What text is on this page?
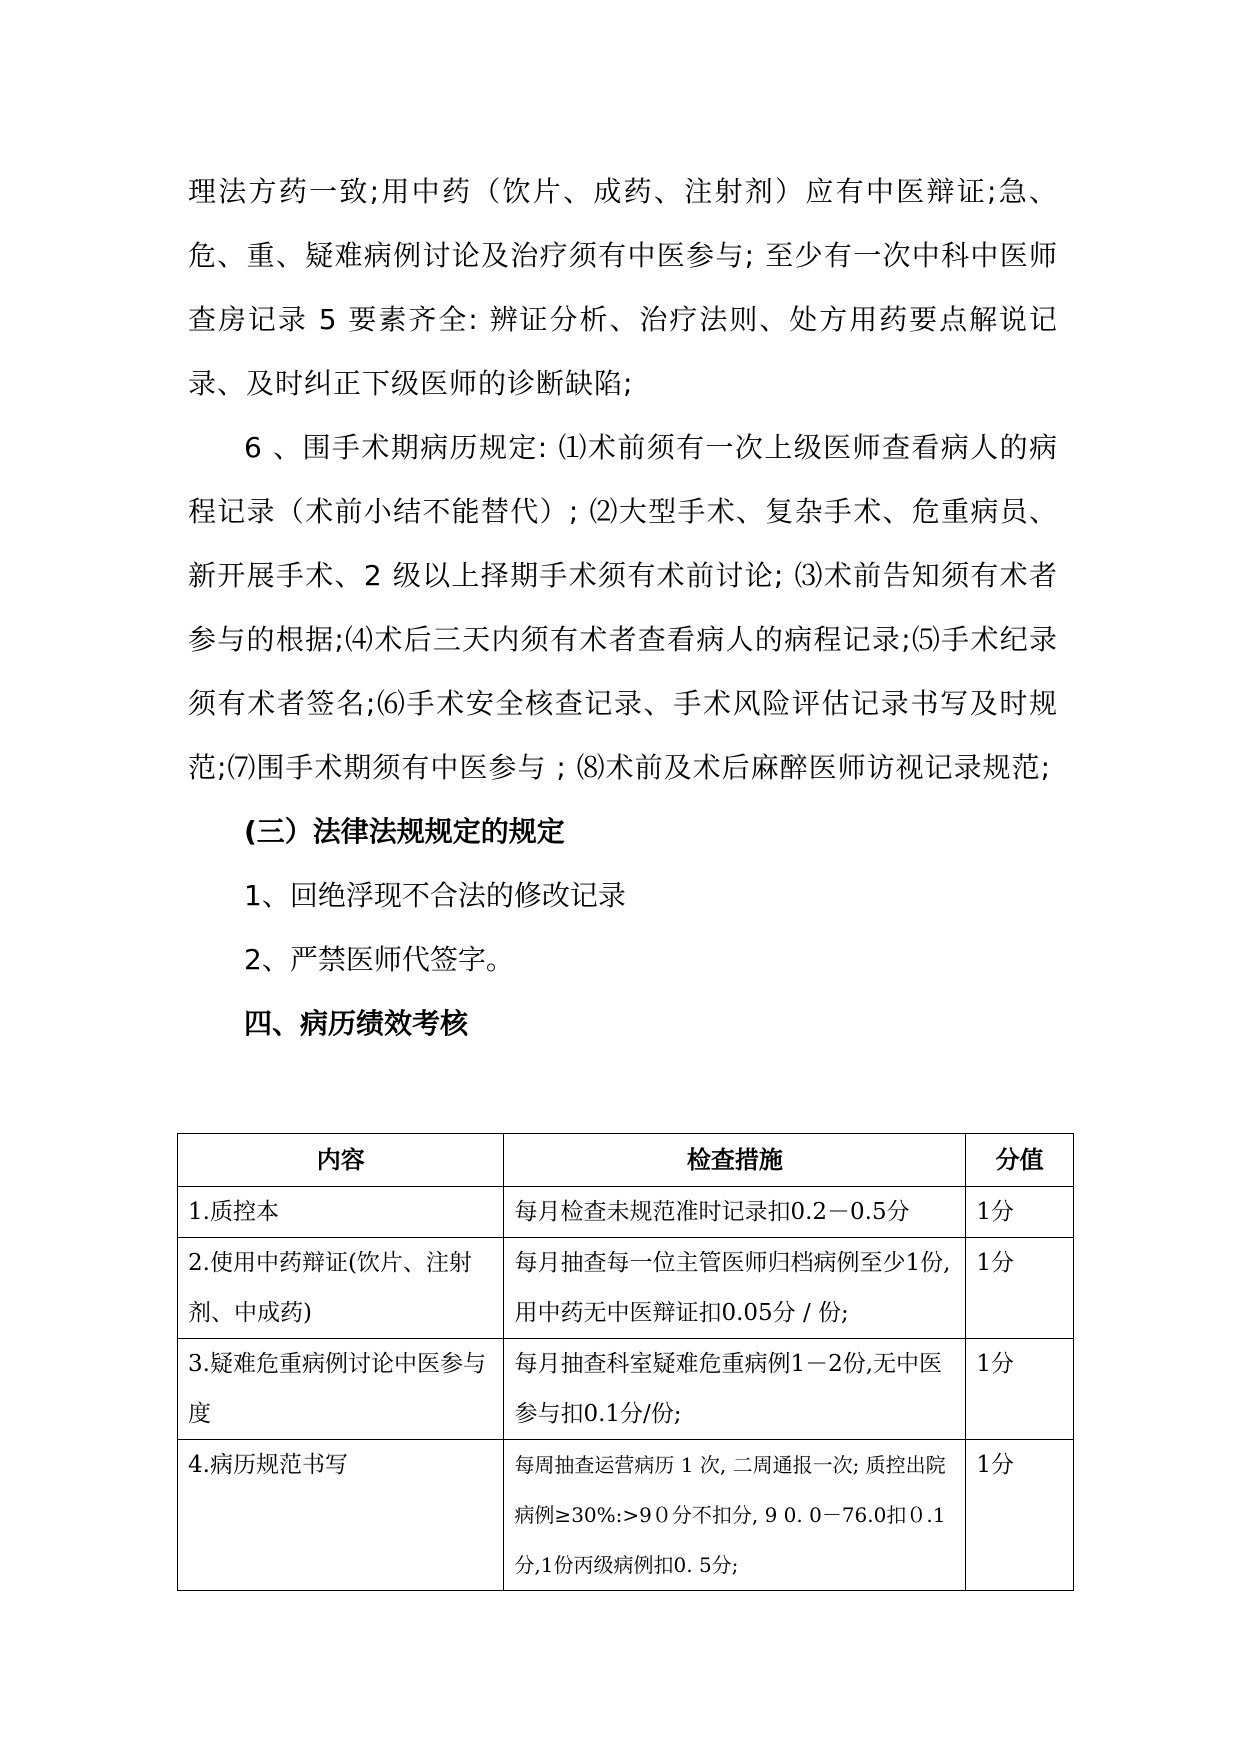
理法方药一致;用中药（饮片、成药、注射剂）应有中医辩证;急、危、重、疑难病例讨论及治疗须有中医参与; 至少有一次中科中医师查房记录 5 要素齐全: 辨证分析、治疗法则、处方用药要点解说记录、及时纠正下级医师的诊断缺陷;

6 、围手术期病历规定: ⑴术前须有一次上级医师查看病人的病程记录（术前小结不能替代）; ⑵大型手术、复杂手术、危重病员、新开展手术、2 级以上择期手术须有术前讨论; ⑶术前告知须有术者参与的根据;⑷术后三天内须有术者查看病人的病程记录;⑸手术纪录须有术者签名;⑹手术安全核查记录、手术风险评估记录书写及时规范;⑺围手术期须有中医参与 ; ⑻术前及术后麻醉医师访视记录规范;

(三）法律法规规定的规定

1、回绝浮现不合法的修改记录

2、严禁医师代签字。

四、病历绩效考核

内容	检查措施	分值
1.质控本	每月检查未规范准时记录扣0.2－0.5分	1分
2.使用中药辩证(饮片、注射剂、中成药)	每月抽查每一位主管医师归档病例至少1份, 用中药无中医辩证扣0.05分 / 份;	1分
3.疑难危重病例讨论中医参与度	每月抽查科室疑难危重病例1－2份,无中医参与扣0.1分/份;	1分
4.病历规范书写	每周抽查运营病历 1 次, 二周通报一次; 质控出院病例≥30%:>9０分不扣分, 9 0. 0－76.0扣０.1分,1份丙级病例扣0. 5分;	1分
